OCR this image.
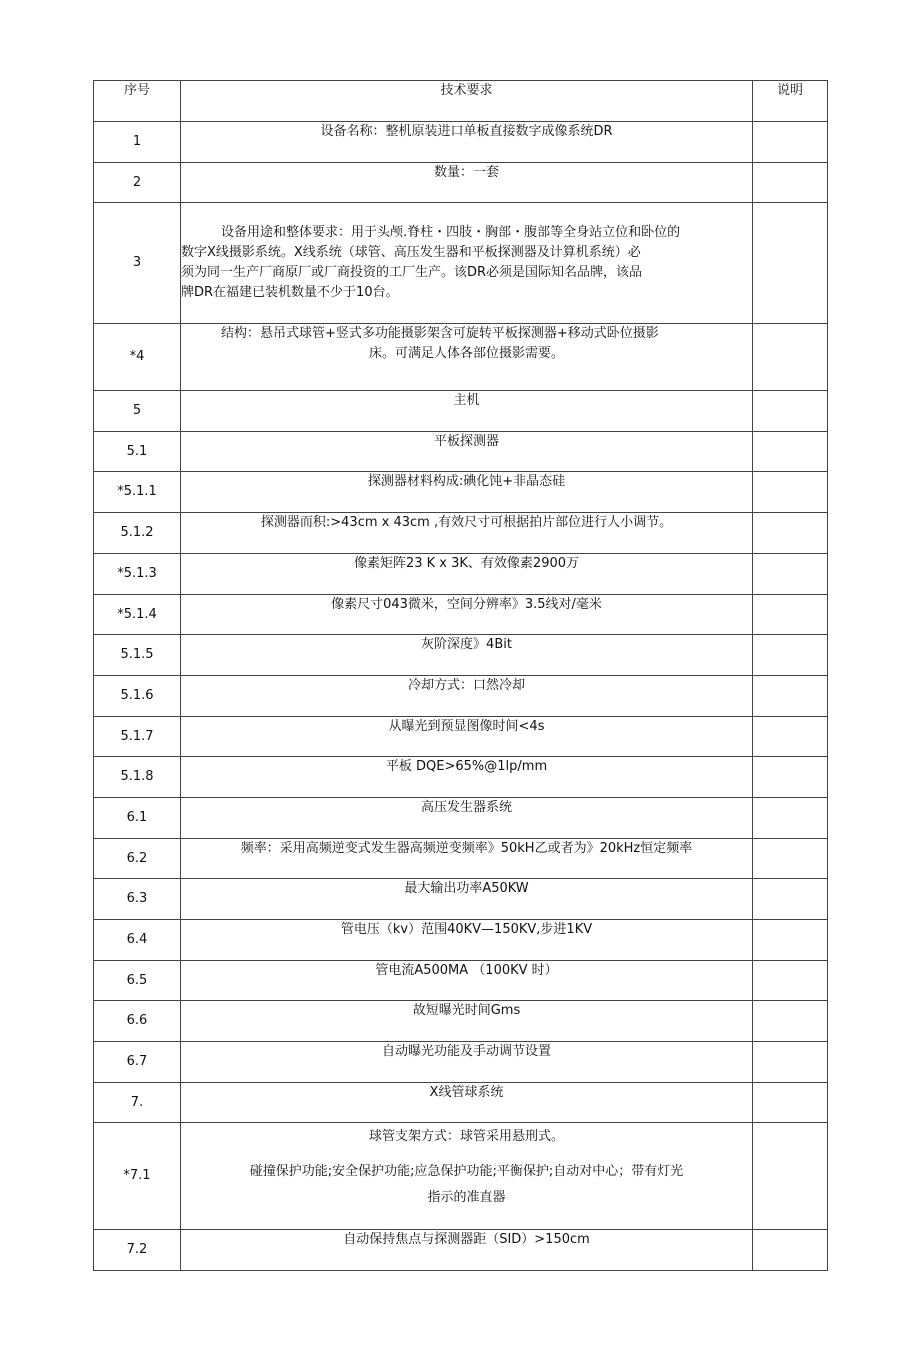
序号	技术要求	说明
1	设备名称：整机原装进口单板直接数字成像系统DR	
2	数量：一套	
3	设备用途和整体要求：用于头颅.脊柱・四肢・胸部・腹部等全身站立位和卧位的
数字X线摄影系统。X线系统（球管、高压发生器和平板探测器及计算机系统）必
须为同一生产厂商原厂或厂商投资的工厂生产。该DR必须是国际知名品牌，该品
牌DR在福建已装机数量不少于10台。	

*4	结构：悬吊式球管+竖式多功能摄影架含可旋转平板探测器+移动式卧位摄影
床。可满足人体各部位摄影需要。	

5	主机	
5.1	平板探测器	
*5.1.1	探测器材料构成:碘化饨+非晶态硅	
5.1.2	探测器而积:>43cm x 43cm ,有效尺寸可根据拍片部位进行人小调节。	
*5.1.3	像素矩阵23 K x 3K、有效像素2900万	
*5.1.4	像素尺寸043微米，空间分辨率》3.5线对/毫米	
5.1.5	灰阶深度》4Bit	
5.1.6	冷却方式：口然冷却	
5.1.7	从曝光到预显图像时间<4s	
5.1.8	平板 DQE>65%@1lp/mm	
6.1	高压发生器系统	
6.2	频率：采用高频逆变式发生器高频逆变频率》50kH乙或者为》20kHz恒定频率	
6.3	最大输出功率A50KW	
6.4	管电压（kv）范围40KV—150KV,步进1KV	
6.5	管电流A500MA （100KV 时）	
6.6	故短曝光时间Gms	
6.7	自动曝光功能及手动调节设置	
7.	X线管球系统	
*7.1	球管支架方式：球管采用悬刑式。
碰撞保护功能;安全保护功能;应急保护功能;平衡保护;自动对中心；带有灯光
指示的准直器	

7.2	自动保持焦点与探测器距（SID）>150cm	
